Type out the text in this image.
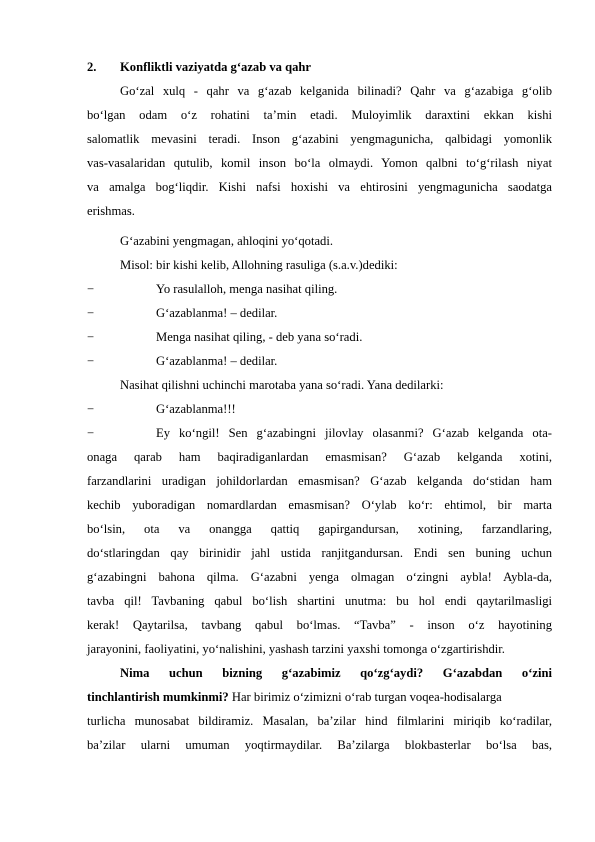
2. Konfliktli vaziyatda g‘azab va qahr
Go‘zal xulq - qahr va g‘azab kelganida bilinadi? Qahr va g‘azabiga g‘olib
bo‘lgan odam o‘z rohatini ta’min etadi. Muloyimlik daraxtini ekkan kishi
salomatlik mevasini teradi. Inson g‘azabini yengmagunicha, qalbidagi yomonlik
vas-vasalaridan qutulib, komil inson bo‘la olmaydi. Yomon qalbni to‘g‘rilash niyat
va amalga bog‘liqdir. Kishi nafsi hoxishi va ehtirosini yengmagunicha saodatga
erishmas.
G‘azabini yengmagan, ahloqini yo‘qotadi.
Misol: bir kishi kelib, Allohning rasuliga (s.a.v.)dediki:
−	Yo rasulalloh, menga nasihat qiling.
−	G‘azablanma! – dedilar.
−	Menga nasihat qiling, - deb yana so‘radi.
−	G‘azablanma! – dedilar.
Nasihat qilishni uchinchi marotaba yana so‘radi. Yana dedilarki:
−	G‘azablanma!!!
−	Ey ko‘ngil! Sen g‘azabingni jilovlay olasanmi? G‘azab kelganda ota-
onaga qarab ham baqiradiganlardan emasmisan? G‘azab kelganda xotini,
farzandlarini uradigan johildorlardan emasmisan? G‘azab kelganda do‘stidan ham
kechib yuboradigan nomardlardan emasmisan? O‘ylab ko‘r: ehtimol, bir marta
bo‘lsin, ota va onangga qattiq gapirgandursan, xotining, farzandlaring,
do‘stlaringdan qay birinidir jahl ustida ranjitgandursan. Endi sen buning uchun
g‘azabingni bahona qilma. G‘azabni yenga olmagan o‘zingni aybla! Aybla-da,
tavba qil! Tavbaning qabul bo‘lish shartini unutma: bu hol endi qaytarilmasligi
kerak! Qaytarilsa, tavbang qabul bo‘lmas. “Tavba” - inson o‘z hayotining
jarayonini, faoliyatini, yo‘nalishini, yashash tarzini yaxshi tomonga o‘zgartirishdir.
Nima uchun bizning g‘azabimiz qo‘zg‘aydi? G‘azabdan o‘zini
tinchlantirish mumkinmi? Har birimiz o‘zimizni o‘rab turgan voqea-hodisalarga
turlicha munosabat bildiramiz. Masalan, ba’zilar hind filmlarini miriqib ko‘radilar,
ba’zilar ularni umuman yoqtirmaydilar. Ba’zilarga blokbasterlar bo‘lsa bas,
